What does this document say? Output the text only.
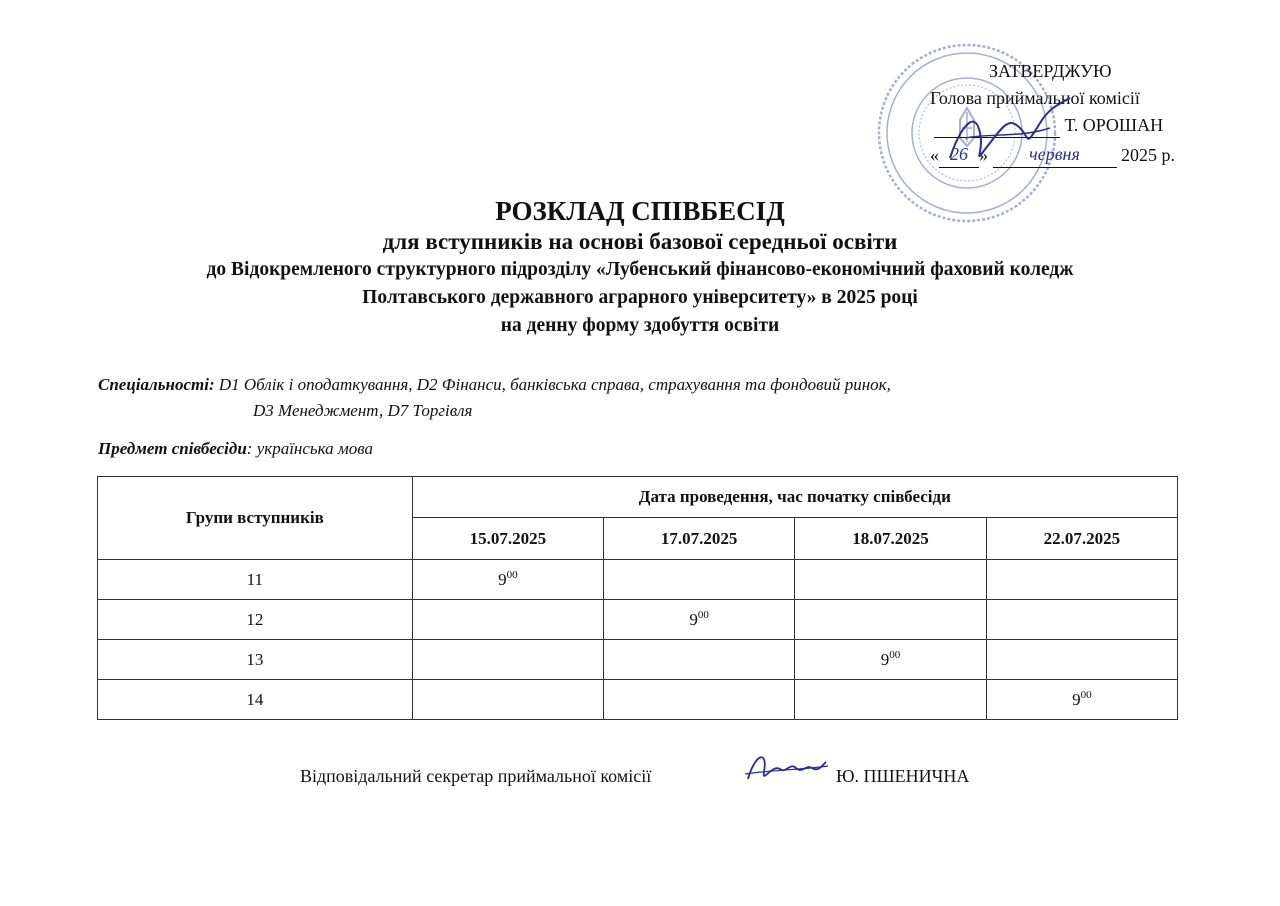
ЗАТВЕРДЖУЮ
Голова приймальної комісії
Т. ОРОШАН
« 26 » червня 2025 р.
РОЗКЛАД СПІВБЕСІД
для вступників на основі базової середньої освіти
до Відокремленого структурного підрозділу «Лубенський фінансово-економічний фаховий коледж
Полтавського державного аграрного університету» в 2025 році
на денну форму здобуття освіти
Спеціальності: D1 Облік і оподаткування, D2 Фінанси, банківська справа, страхування та фондовий ринок,
D3 Менеджмент, D7 Торгівля
Предмет співбесіди: українська мова
Групи вступників	Дата проведення, час початку співбесіди			
	15.07.2025	17.07.2025	18.07.2025	22.07.2025
11	$9^{00}$			
12		$9^{00}$		
13			$9^{00}$	
14				$9^{00}$
Відповідальний секретар приймальної комісії	Ю. ПШЕНИЧНА
